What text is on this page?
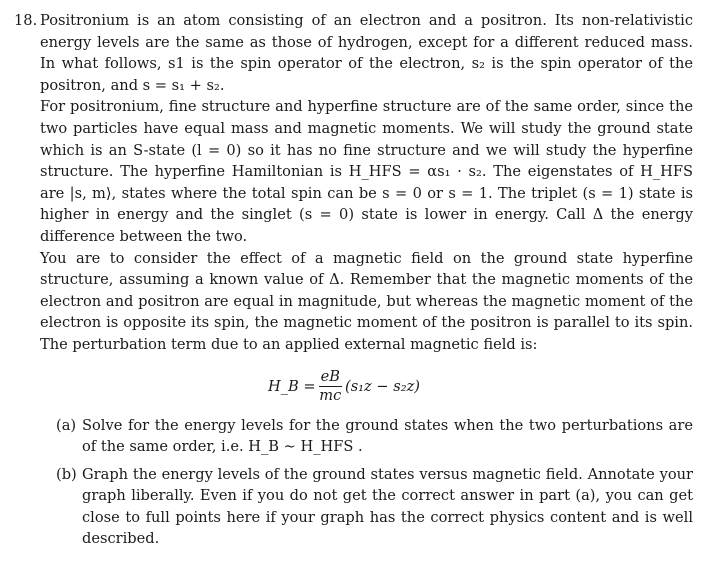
18. Positronium is an atom consisting of an electron and a positron. Its non-relativistic energy levels are the same as those of hydrogen, except for a different reduced mass. In what follows, s1 is the spin operator of the electron, s₂ is the spin operator of the positron, and s = s₁ + s₂.

For positronium, fine structure and hyperfine structure are of the same order, since the two particles have equal mass and magnetic moments. We will study the ground state which is an S-state (l = 0) so it has no fine structure and we will study the hyperfine structure. The hyperfine Hamiltonian is H_HFS = αs₁ · s₂. The eigenstates of H_HFS are |s, m⟩, states where the total spin can be s = 0 or s = 1. The triplet (s = 1) state is higher in energy and the singlet (s = 0) state is lower in energy. Call Δ the energy difference between the two.

You are to consider the effect of a magnetic field on the ground state hyperfine structure, assuming a known value of Δ. Remember that the magnetic moments of the electron and positron are equal in magnitude, but whereas the magnetic moment of the electron is opposite its spin, the magnetic moment of the positron is parallel to its spin. The perturbation term due to an applied external magnetic field is:

H_B = $\frac{eB}{mc} (s_1z - s_2z)$
(a) Solve for the energy levels for the ground states when the two perturbations are of the same order, i.e. H_B ∼ H_HFS .
(b) Graph the energy levels of the ground states versus magnetic field. Annotate your graph liberally. Even if you do not get the correct answer in part (a), you can get close to full points here if your graph has the correct physics content and is well described.
